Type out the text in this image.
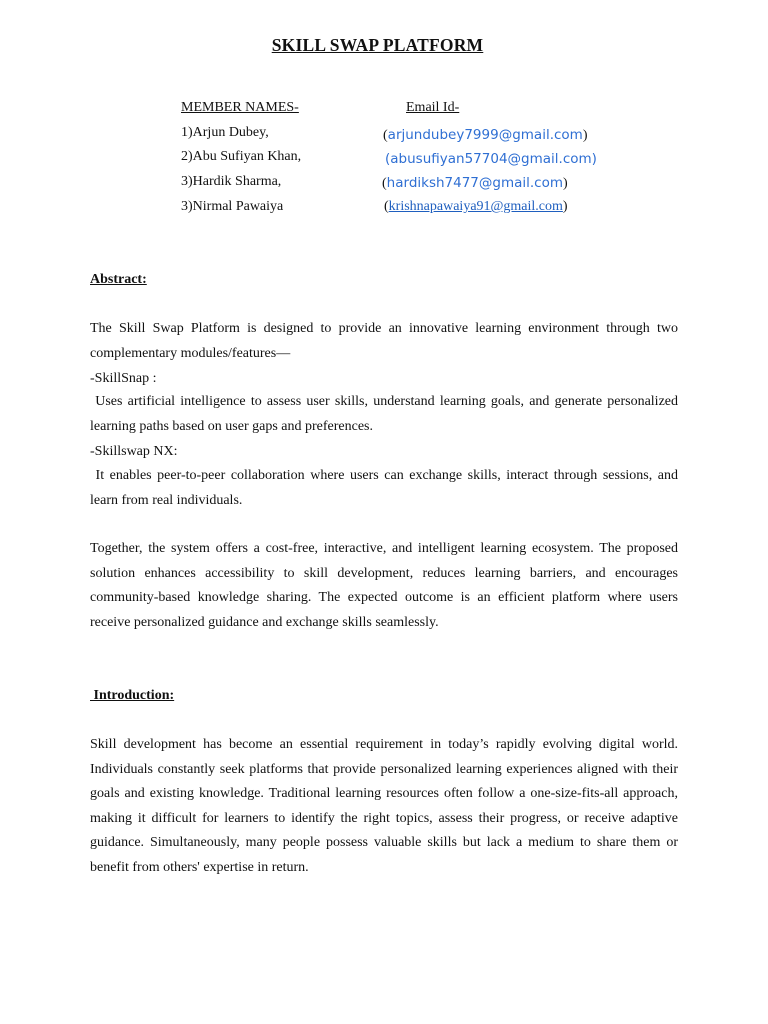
SKILL SWAP PLATFORM
MEMBER NAMES-	Email Id-
1)Arjun Dubey,	(arjundubey7999@gmail.com)
2)Abu Sufiyan Khan,	(abusufiyan57704@gmail.com)
3)Hardik Sharma,	(hardiksh7477@gmail.com)
3)Nirmal Pawaiya	(krishnapawaiya91@gmail.com)
Abstract:
The Skill Swap Platform is designed to provide an innovative learning environment through two complementary modules/features—
-SkillSnap :
Uses artificial intelligence to assess user skills, understand learning goals, and generate personalized learning paths based on user gaps and preferences.
-Skillswap NX:
It enables peer-to-peer collaboration where users can exchange skills, interact through sessions, and learn from real individuals.
Together, the system offers a cost-free, interactive, and intelligent learning ecosystem. The proposed solution enhances accessibility to skill development, reduces learning barriers, and encourages community-based knowledge sharing. The expected outcome is an efficient platform where users receive personalized guidance and exchange skills seamlessly.
Introduction:
Skill development has become an essential requirement in today’s rapidly evolving digital world. Individuals constantly seek platforms that provide personalized learning experiences aligned with their goals and existing knowledge. Traditional learning resources often follow a one-size-fits-all approach, making it difficult for learners to identify the right topics, assess their progress, or receive adaptive guidance. Simultaneously, many people possess valuable skills but lack a medium to share them or benefit from others' expertise in return.
